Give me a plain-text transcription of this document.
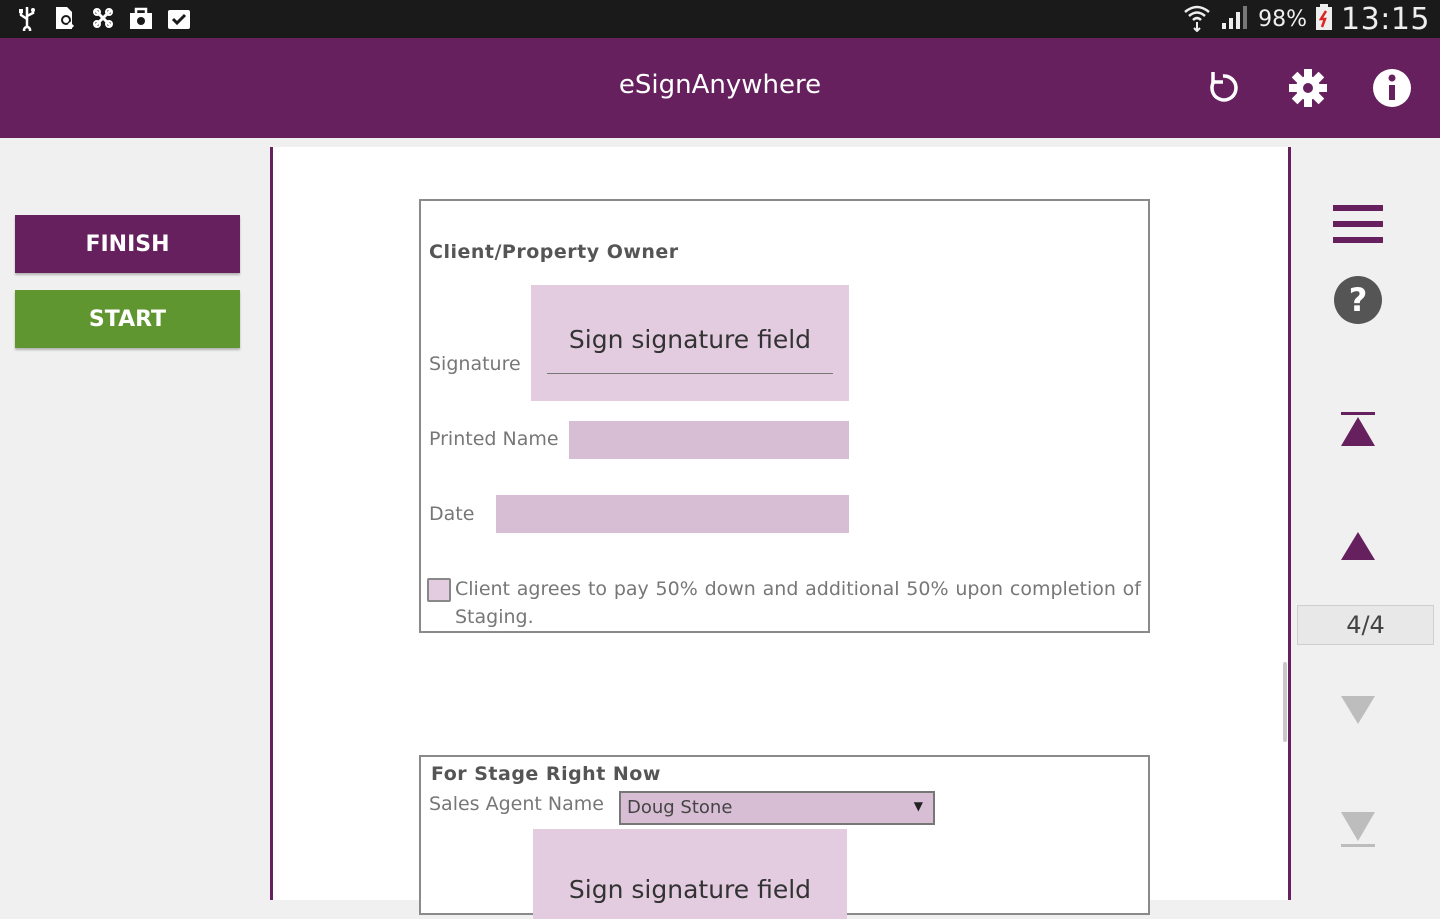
98% 13:15
eSignAnywhere
FINISH
START
Client/Property Owner
Signature
Sign signature field
Printed Name
Date
Client agrees to pay 50% down and additional 50% upon completion of Staging.
For Stage Right Now
Sales Agent Name Doug Stone	▼
Sign signature field
?
4/4
